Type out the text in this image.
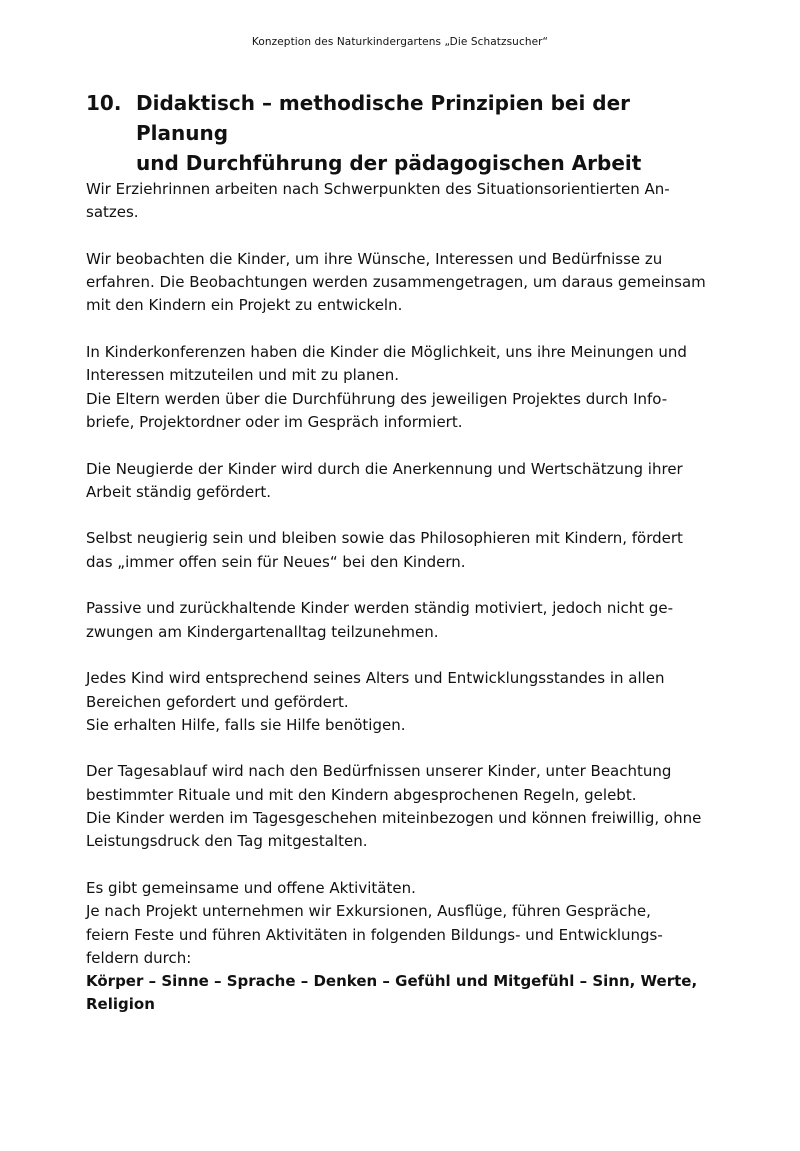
Konzeption des Naturkindergartens „Die Schatzsucher“
10. Didaktisch – methodische Prinzipien bei der Planung
und Durchführung der pädagogischen Arbeit
Wir Erziehrinnen arbeiten nach Schwerpunkten des Situationsorientierten An-
satzes.
Wir beobachten die Kinder, um ihre Wünsche, Interessen und Bedürfnisse zu
erfahren. Die Beobachtungen werden zusammengetragen, um daraus gemeinsam
mit den Kindern ein Projekt zu entwickeln.
In Kinderkonferenzen haben die Kinder die Möglichkeit, uns ihre Meinungen und
Interessen mitzuteilen und mit zu planen.
Die Eltern werden über die Durchführung des jeweiligen Projektes durch Info-
briefe, Projektordner oder im Gespräch informiert.
Die Neugierde der Kinder wird durch die Anerkennung und Wertschätzung ihrer
Arbeit ständig gefördert.
Selbst neugierig sein und bleiben sowie das Philosophieren mit Kindern, fördert
das „immer offen sein für Neues“ bei den Kindern.
Passive und zurückhaltende Kinder werden ständig motiviert, jedoch nicht ge-
zwungen am Kindergartenalltag teilzunehmen.
Jedes Kind wird entsprechend seines Alters und Entwicklungsstandes in allen
Bereichen gefordert und gefördert.
Sie erhalten Hilfe, falls sie Hilfe benötigen.
Der Tagesablauf wird nach den Bedürfnissen unserer Kinder, unter Beachtung
bestimmter Rituale und mit den Kindern abgesprochenen Regeln, gelebt.
Die Kinder werden im Tagesgeschehen miteinbezogen und können freiwillig, ohne
Leistungsdruck den Tag mitgestalten.
Es gibt gemeinsame und offene Aktivitäten.
Je nach Projekt unternehmen wir Exkursionen, Ausflüge, führen Gespräche,
feiern Feste und führen Aktivitäten in folgenden Bildungs- und Entwicklungs-
feldern durch:
Körper – Sinne – Sprache – Denken – Gefühl und Mitgefühl – Sinn, Werte,
Religion
